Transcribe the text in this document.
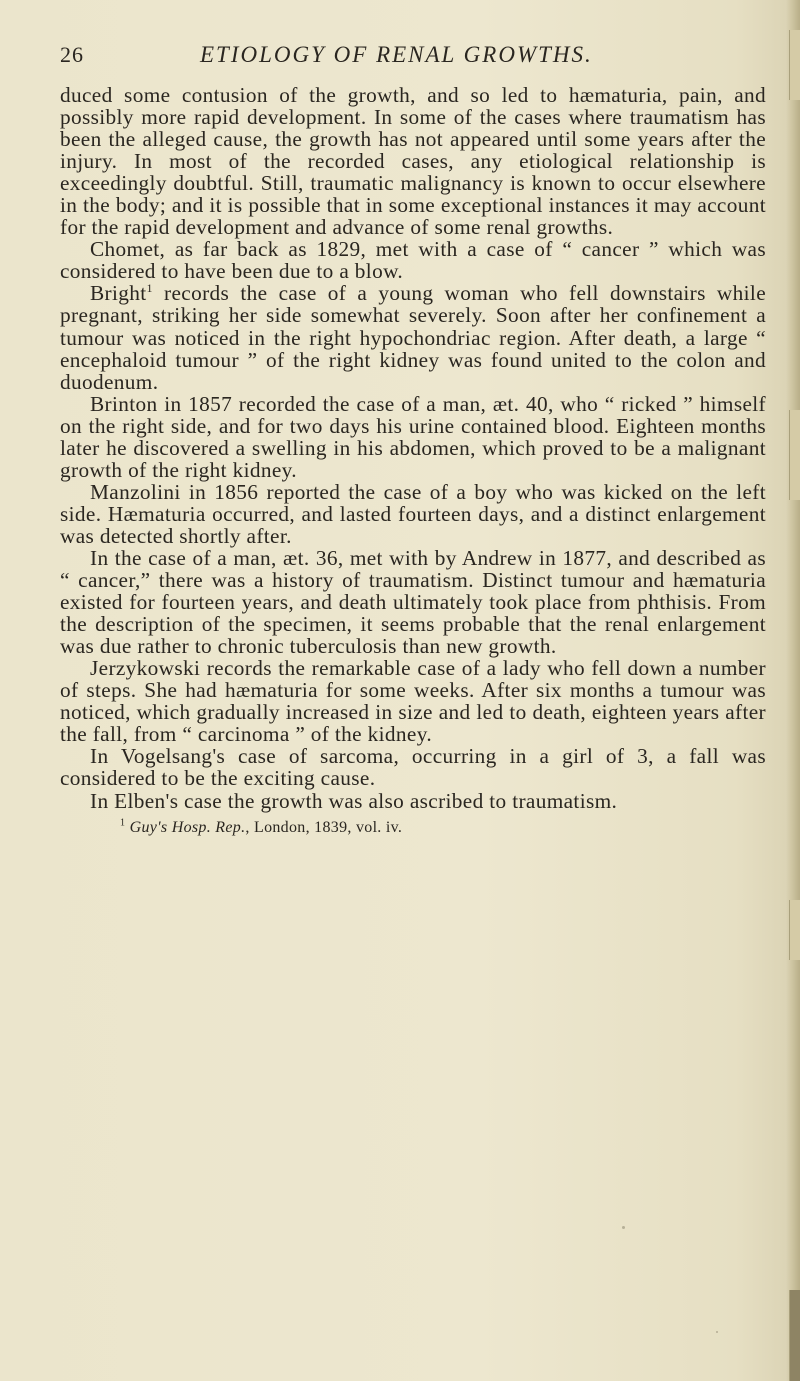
26	ETIOLOGY OF RENAL GROWTHS.

duced some contusion of the growth, and so led to hæmaturia, pain, and possibly more rapid development. In some of the cases where traumatism has been the alleged cause, the growth has not appeared until some years after the injury. In most of the recorded cases, any etiological relationship is exceedingly doubtful. Still, traumatic malignancy is known to occur elsewhere in the body; and it is possible that in some exceptional instances it may account for the rapid development and advance of some renal growths.

Chomet, as far back as 1829, met with a case of “ cancer ” which was considered to have been due to a blow.

Bright$^1$ records the case of a young woman who fell downstairs while pregnant, striking her side somewhat severely. Soon after her confinement a tumour was noticed in the right hypochondriac region. After death, a large “ encephaloid tumour ” of the right kidney was found united to the colon and duodenum.

Brinton in 1857 recorded the case of a man, æt. 40, who “ ricked ” himself on the right side, and for two days his urine contained blood. Eighteen months later he discovered a swelling in his abdomen, which proved to be a malignant growth of the right kidney.

Manzolini in 1856 reported the case of a boy who was kicked on the left side. Hæmaturia occurred, and lasted fourteen days, and a distinct enlargement was detected shortly after.

In the case of a man, æt. 36, met with by Andrew in 1877, and described as “ cancer,” there was a history of traumatism. Distinct tumour and hæmaturia existed for fourteen years, and death ultimately took place from phthisis. From the description of the specimen, it seems probable that the renal enlargement was due rather to chronic tuberculosis than new growth.

Jerzykowski records the remarkable case of a lady who fell down a number of steps. She had hæmaturia for some weeks. After six months a tumour was noticed, which gradually increased in size and led to death, eighteen years after the fall, from “ carcinoma ” of the kidney.

In Vogelsang's case of sarcoma, occurring in a girl of 3, a fall was considered to be the exciting cause.

In Elben's case the growth was also ascribed to traumatism.

$^1$ Guy's Hosp. Rep., London, 1839, vol. iv.
